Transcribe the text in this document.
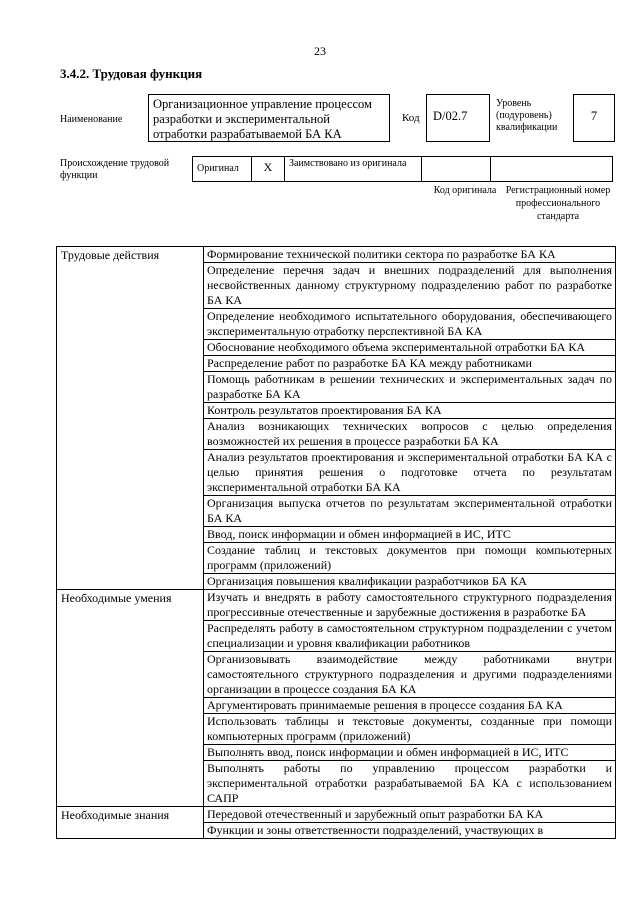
23
3.4.2. Трудовая функция
Наименование
Организационное управление процессом разработки и экспериментальной отработки разрабатываемой БА КА
Код	D/02.7
Уровень (подуровень) квалификации
7
Происхождение трудовой функции
Оригинал	X	Заимствовано из оригинала
Код оригинала Регистрационный номер профессионального стандарта
Трудовые действия	Формирование технической политики сектора по разработке БА КА
	Определение перечня задач и внешних подразделений для выполнения несвойственных данному структурному подразделению работ по разработке БА КА
	Определение необходимого испытательного оборудования, обеспечивающего экспериментальную отработку перспективной БА КА
	Обоснование необходимого объема экспериментальной отработки БА КА
	Распределение работ по разработке БА КА между работниками
	Помощь работникам в решении технических и экспериментальных задач по разработке БА КА
	Контроль результатов проектирования БА КА
	Анализ возникающих технических вопросов с целью определения возможностей их решения в процессе разработки БА КА
	Анализ результатов проектирования и экспериментальной отработки БА КА с целью принятия решения о подготовке отчета по результатам экспериментальной отработки БА КА
	Организация выпуска отчетов по результатам экспериментальной отработки БА КА
	Ввод, поиск информации и обмен информацией в ИС, ИТС
	Создание таблиц и текстовых документов при помощи компьютерных программ (приложений)
	Организация повышения квалификации разработчиков БА КА
Необходимые умения	Изучать и внедрять в работу самостоятельного структурного подразделения прогрессивные отечественные и зарубежные достижения в разработке БА
	Распределять работу в самостоятельном структурном подразделении с учетом специализации и уровня квалификации работников
	Организовывать взаимодействие между работниками внутри самостоятельного структурного подразделения и другими подразделениями организации в процессе создания БА КА
	Аргументировать принимаемые решения в процессе создания БА КА
	Использовать таблицы и текстовые документы, созданные при помощи компьютерных программ (приложений)
	Выполнять ввод, поиск информации и обмен информацией в ИС, ИТС
	Выполнять работы по управлению процессом разработки и экспериментальной отработки разрабатываемой БА КА с использованием САПР
Необходимые знания	Передовой отечественный и зарубежный опыт разработки БА КА
	Функции и зоны ответственности подразделений, участвующих в
